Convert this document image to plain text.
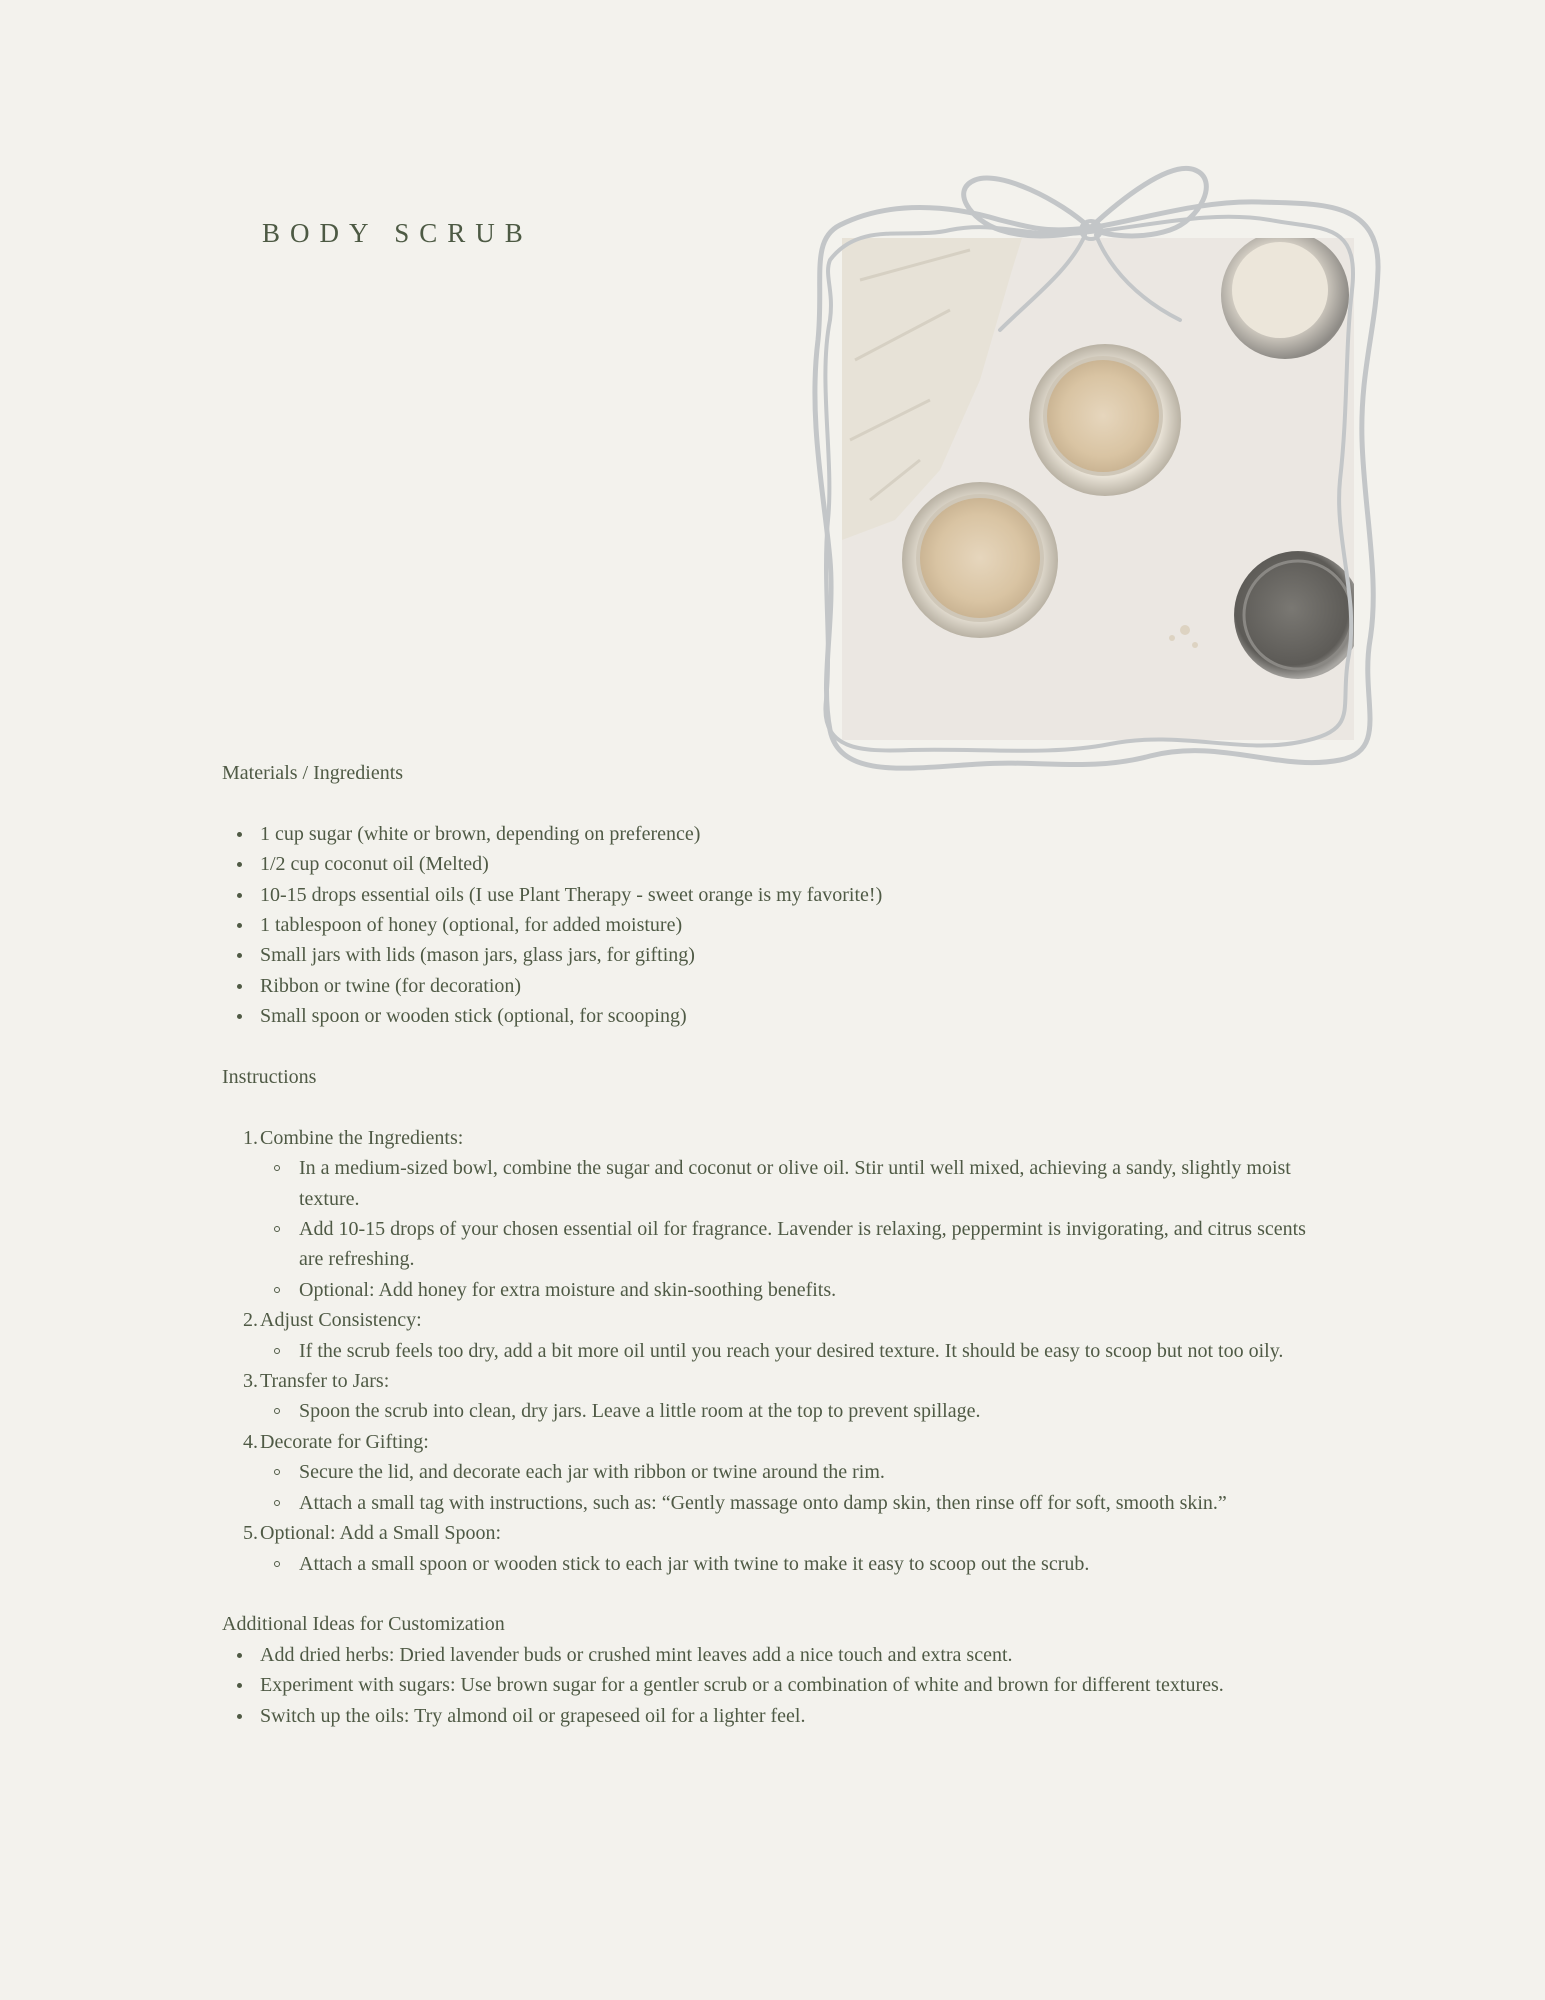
BODY SCRUB
Materials / Ingredients
1 cup sugar (white or brown, depending on preference)
1/2 cup coconut oil (Melted)
10-15 drops essential oils (I use Plant Therapy - sweet orange is my favorite!)
1 tablespoon of honey (optional, for added moisture)
Small jars with lids (mason jars, glass jars, for gifting)
Ribbon or twine (for decoration)
Small spoon or wooden stick (optional, for scooping)
Instructions
1. Combine the Ingredients:
In a medium-sized bowl, combine the sugar and coconut or olive oil. Stir until well mixed, achieving a sandy, slightly moist texture.
Add 10-15 drops of your chosen essential oil for fragrance. Lavender is relaxing, peppermint is invigorating, and citrus scents are refreshing.
Optional: Add honey for extra moisture and skin-soothing benefits.
2. Adjust Consistency:
If the scrub feels too dry, add a bit more oil until you reach your desired texture. It should be easy to scoop but not too oily.
3. Transfer to Jars:
Spoon the scrub into clean, dry jars. Leave a little room at the top to prevent spillage.
4. Decorate for Gifting:
Secure the lid, and decorate each jar with ribbon or twine around the rim.
Attach a small tag with instructions, such as: “Gently massage onto damp skin, then rinse off for soft, smooth skin.”
5. Optional: Add a Small Spoon:
Attach a small spoon or wooden stick to each jar with twine to make it easy to scoop out the scrub.
Additional Ideas for Customization
Add dried herbs: Dried lavender buds or crushed mint leaves add a nice touch and extra scent.
Experiment with sugars: Use brown sugar for a gentler scrub or a combination of white and brown for different textures.
Switch up the oils: Try almond oil or grapeseed oil for a lighter feel.
